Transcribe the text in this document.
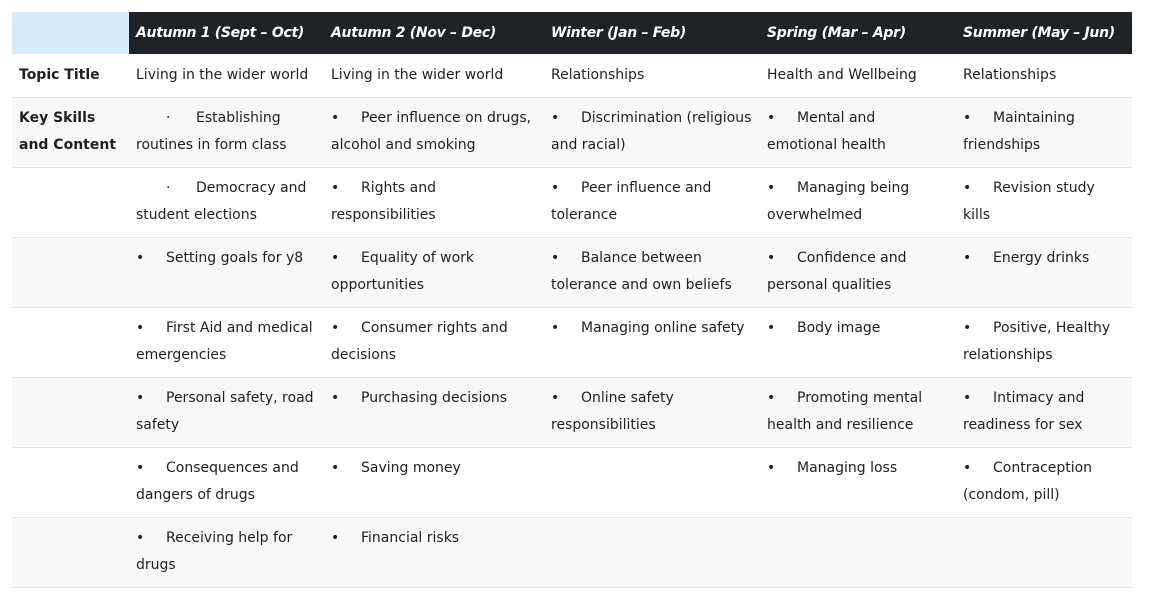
	Autumn 1 (Sept – Oct)	Autumn 2 (Nov – Dec)	Winter (Jan – Feb)	Spring (Mar – Apr)	Summer (May – Jun)
Topic Title	Living in the wider world	Living in the wider world	Relationships	Health and Wellbeing	Relationships
Key Skills and Content	· Establishing routines in form class	• Peer influence on drugs, alcohol and smoking	• Discrimination (religious and racial)	• Mental and emotional health	• Maintaining friendships
	· Democracy and student elections	• Rights and responsibilities	• Peer influence and tolerance	• Managing being overwhelmed	• Revision study kills
	• Setting goals for y8	• Equality of work opportunities	• Balance between tolerance and own beliefs	• Confidence and personal qualities	• Energy drinks
	• First Aid and medical emergencies	• Consumer rights and decisions	• Managing online safety	• Body image	• Positive, Healthy relationships
	• Personal safety, road safety	• Purchasing decisions	• Online safety responsibilities	• Promoting mental health and resilience	• Intimacy and readiness for sex
	• Consequences and dangers of drugs	• Saving money		• Managing loss	• Contraception (condom, pill)
	• Receiving help for drugs	• Financial risks			
